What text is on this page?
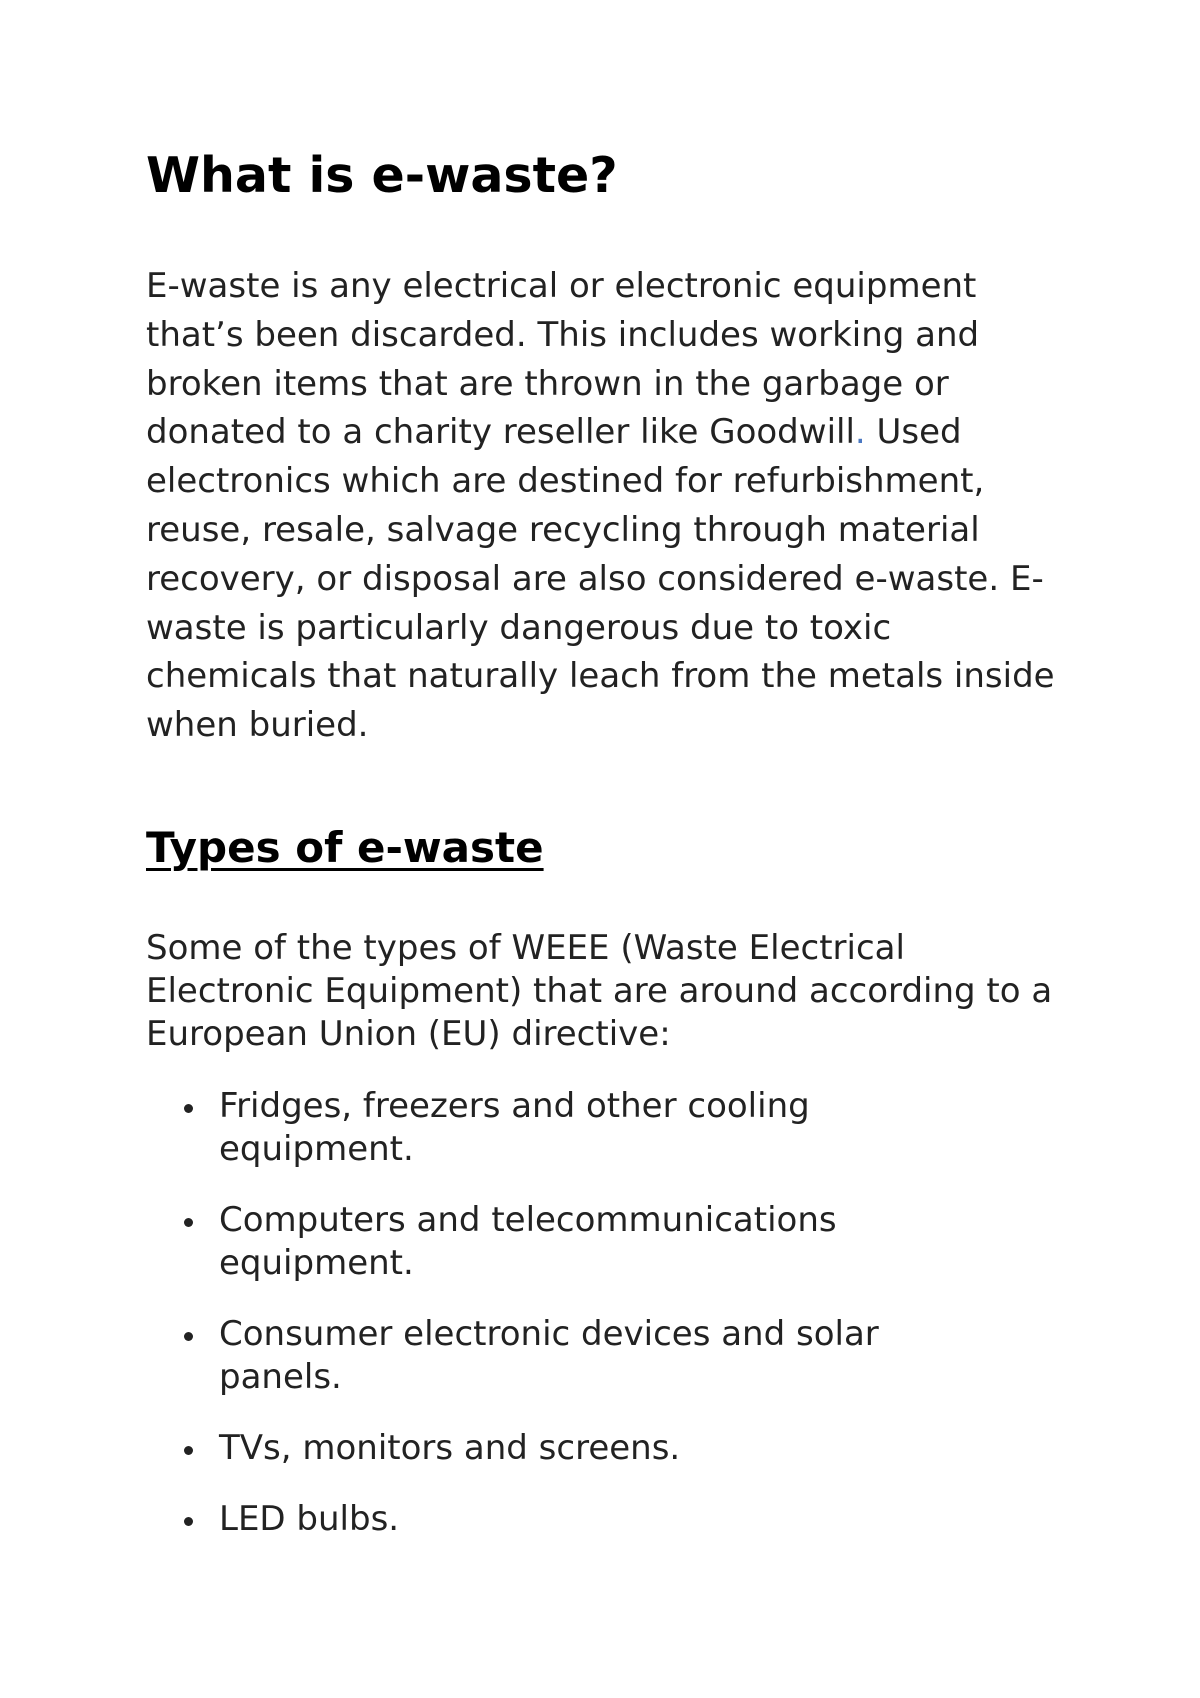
What is e-waste?

E-waste is any electrical or electronic equipment that’s been discarded. This includes working and broken items that are thrown in the garbage or donated to a charity reseller like Goodwill. Used electronics which are destined for refurbishment, reuse, resale, salvage recycling through material recovery, or disposal are also considered e-waste. E-waste is particularly dangerous due to toxic chemicals that naturally leach from the metals inside when buried.

Types of e-waste

Some of the types of WEEE (Waste Electrical Electronic Equipment) that are around according to a European Union (EU) directive:

Fridges, freezers and other cooling equipment.
Computers and telecommunications equipment.
Consumer electronic devices and solar panels.
TVs, monitors and screens.
LED bulbs.
